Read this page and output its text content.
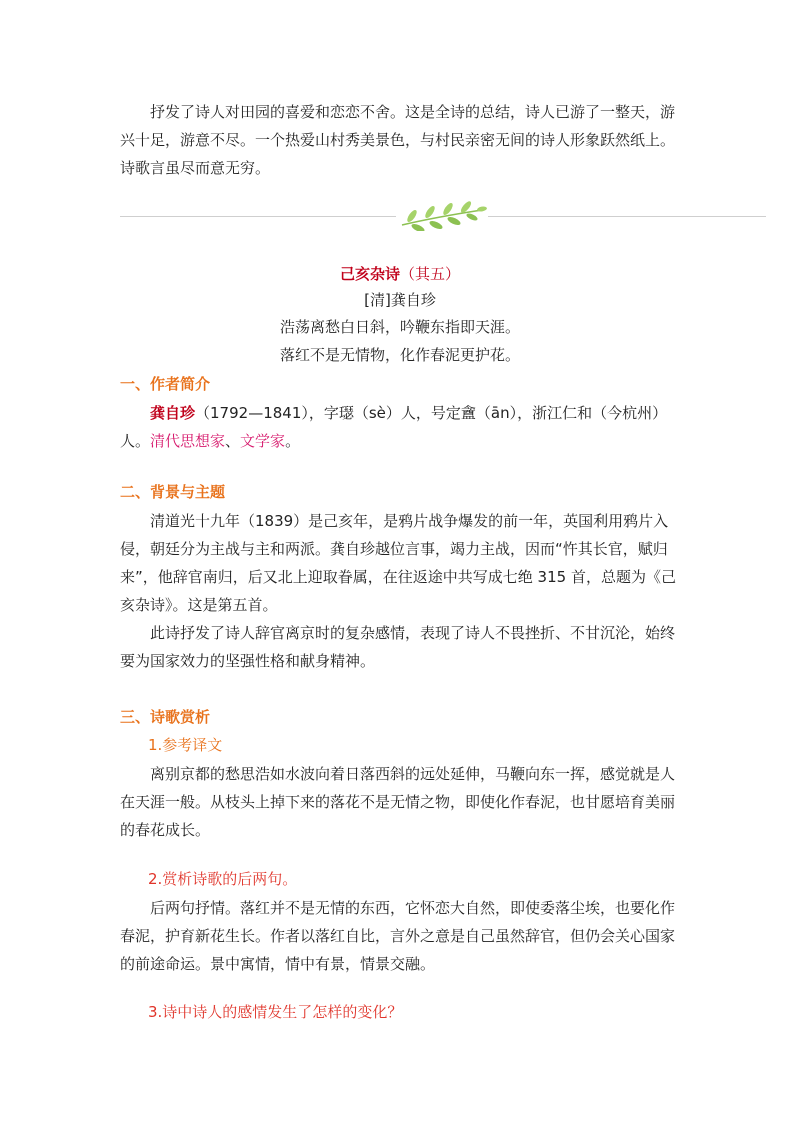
抒发了诗人对田园的喜爱和恋恋不舍。这是全诗的总结，诗人已游了一整天，游兴十足，游意不尽。一个热爱山村秀美景色，与村民亲密无间的诗人形象跃然纸上。诗歌言虽尽而意无穷。

己亥杂诗（其五）
[清]龚自珍
浩荡离愁白日斜，吟鞭东指即天涯。
落红不是无情物，化作春泥更护花。
一、作者简介

龚自珍（1792—1841），字璱（sè）人，号定盦（ān），浙江仁和（今杭州）人。清代思想家、文学家。

二、背景与主题

清道光十九年（1839）是己亥年，是鸦片战争爆发的前一年，英国利用鸦片入侵，朝廷分为主战与主和两派。龚自珍越位言事，竭力主战，因而“忤其长官，赋归来”，他辞官南归，后又北上迎取眷属，在往返途中共写成七绝 315 首，总题为《己亥杂诗》。这是第五首。

此诗抒发了诗人辞官离京时的复杂感情，表现了诗人不畏挫折、不甘沉沦，始终要为国家效力的坚强性格和献身精神。

三、诗歌赏析
1.参考译文

离别京都的愁思浩如水波向着日落西斜的远处延伸，马鞭向东一挥，感觉就是人在天涯一般。从枝头上掉下来的落花不是无情之物，即使化作春泥，也甘愿培育美丽的春花成长。

2.赏析诗歌的后两句。

后两句抒情。落红并不是无情的东西，它怀恋大自然，即使委落尘埃，也要化作春泥，护育新花生长。作者以落红自比，言外之意是自己虽然辞官，但仍会关心国家的前途命运。景中寓情，情中有景，情景交融。

3.诗中诗人的感情发生了怎样的变化？
